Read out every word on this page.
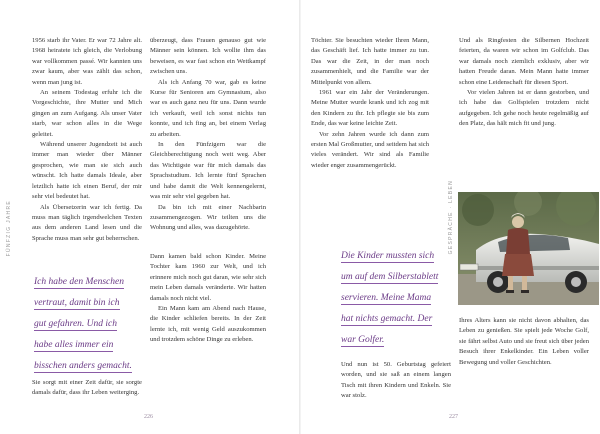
FÜNFZIG JAHRE

1956 starb ihr Vater. Er war 72 Jahre alt. 1968 heiratete ich gleich, die Verlobung war vollkommen passé. Wir kannten uns zwar kaum, aber was zählt das schon, wenn man jung ist.

An seinem Todestag erfuhr ich die Vorgeschichte, ihre Mutter und Mich gingen an zum Aufgang. Als unser Vater starb, war schon alles in die Wege geleitet.

Während unserer Jugendzeit ist auch immer man wieder über Männer gesprochen, wie man sie sich auch wünscht. Ich hatte damals Ideale, aber letztlich hatte ich einen Beruf, der mir sehr viel bedeutet hat.

Als Übersetzerin war ich fertig. Da muss man täglich irgendwelchen Texten aus dem anderen Land lesen und die Sprache muss man sehr gut beherrschen.

Ich habe den Menschen
vertraut, damit bin ich
gut gefahren. Und ich
habe alles immer ein
bisschen anders gemacht.

Sie sorgt mit einer Zeit dafür, sie sorgte damals dafür, dass ihr Leben weiterging.

überzeugt, dass Frauen genauso gut wie Männer sein können. Ich wollte ihm das beweisen, es war fast schon ein Wettkampf zwischen uns.

Als ich Anfang 70 war, gab es keine Kurse für Senioren am Gymnasium, also war es auch ganz neu für uns. Dann wurde ich verkauft, weil ich sonst nichts tun konnte, und ich fing an, bei einem Verlag zu arbeiten.

In den Fünfzigern war die Gleichberechtigung noch weit weg. Aber das Wichtigste war für mich damals das Sprachstudium. Ich lernte fünf Sprachen und habe damit die Welt kennengelernt, was mir sehr viel gegeben hat.

Da bin ich mit einer Nachbarin zusammengezogen. Wir teilten uns die Wohnung und alles, was dazugehörte.

Dann kamen bald schon Kinder. Meine Tochter kam 1960 zur Welt, und ich erinnere mich noch gut daran, wie sehr sich mein Leben damals veränderte. Wir hatten damals noch nicht viel.

Ein Mann kam am Abend nach Hause, die Kinder schliefen bereits. In der Zeit lernte ich, mit wenig Geld auszukommen und trotzdem schöne Dinge zu erleben.

226

Töchter. Sie besuchten wieder Ihren Mann, das Geschäft lief. Ich hatte immer zu tun. Das war die Zeit, in der man noch zusammenhielt, und die Familie war der Mittelpunkt von allem.

1961 war ein Jahr der Veränderungen. Meine Mutter wurde krank und ich zog mit den Kindern zu ihr. Ich pflegte sie bis zum Ende, das war keine leichte Zeit.

Vor zehn Jahren wurde ich dann zum ersten Mal Großmutter, und seitdem hat sich vieles verändert. Wir sind als Familie wieder enger zusammengerückt.

Die Kinder mussten sich
um auf dem Silberstablett
servieren. Meine Mama
hat nichts gemacht. Der
war Golfer.

Und nun ist 50. Geburtstag gefeiert worden, und sie saß an einem langen Tisch mit ihren Kindern und Enkeln. Sie war stolz.

Und als Ringfesten die Silbernen Hochzeit feierten, da waren wir schon im Golfclub. Das war damals noch ziemlich exklusiv, aber wir hatten Freude daran. Mein Mann hatte immer schon eine Leidenschaft für diesen Sport.

Vor vielen Jahren ist er dann gestorben, und ich habe das Golfspielen trotzdem nicht aufgegeben. Ich gehe noch heute regelmäßig auf den Platz, das hält mich fit und jung.

GESPRÄCHE · LEBEN

Ihres Alters kann sie nicht davon abhalten, das Leben zu genießen. Sie spielt jede Woche Golf, sie fährt selbst Auto und sie freut sich über jeden Besuch ihrer Enkelkinder. Ein Leben voller Bewegung und voller Geschichten.

227
